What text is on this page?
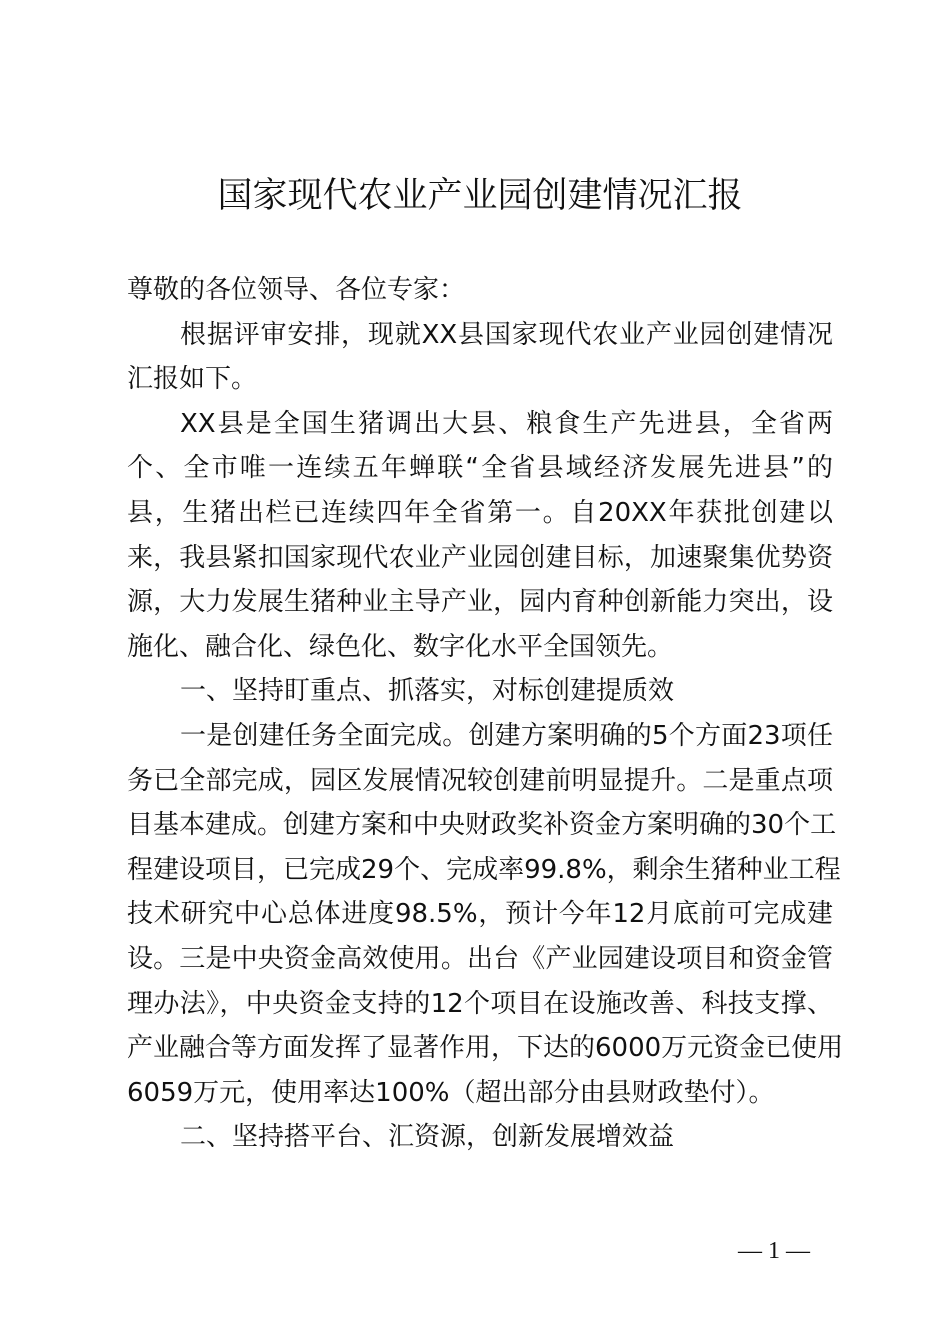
国家现代农业产业园创建情况汇报
尊敬的各位领导、各位专家：
根据评审安排，现就XX县国家现代农业产业园创建情况
汇报如下。
XX县是全国生猪调出大县、粮食生产先进县，全省两
个、全市唯一连续五年蝉联“全省县域经济发展先进县”的
县，生猪出栏已连续四年全省第一。自20XX年获批创建以
来，我县紧扣国家现代农业产业园创建目标，加速聚集优势资
源，大力发展生猪种业主导产业，园内育种创新能力突出，设
施化、融合化、绿色化、数字化水平全国领先。
一、坚持盯重点、抓落实，对标创建提质效
一是创建任务全面完成。创建方案明确的5个方面23项任
务已全部完成，园区发展情况较创建前明显提升。二是重点项
目基本建成。创建方案和中央财政奖补资金方案明确的30个工
程建设项目，已完成29个、完成率99.8%，剩余生猪种业工程
技术研究中心总体进度98.5%，预计今年12月底前可完成建
设。三是中央资金高效使用。出台《产业园建设项目和资金管
理办法》，中央资金支持的12个项目在设施改善、科技支撑、
产业融合等方面发挥了显著作用，下达的6000万元资金已使用
6059万元，使用率达100%（超出部分由县财政垫付）。
二、坚持搭平台、汇资源，创新发展增效益
— 1 —
